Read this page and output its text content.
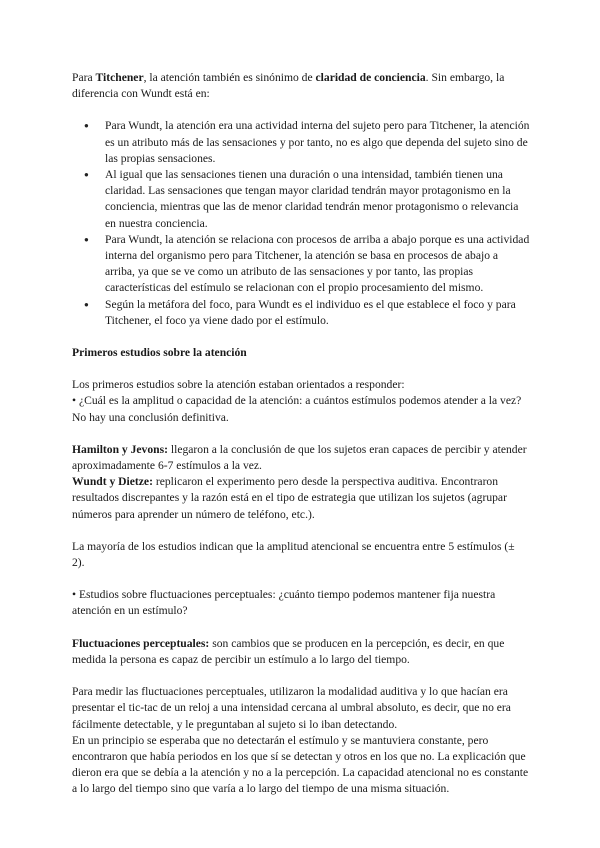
Para Titchener, la atención también es sinónimo de claridad de conciencia. Sin embargo, la diferencia con Wundt está en:

● Para Wundt, la atención era una actividad interna del sujeto pero para Titchener, la atención es un atributo más de las sensaciones y por tanto, no es algo que dependa del sujeto sino de las propias sensaciones.
● Al igual que las sensaciones tienen una duración o una intensidad, también tienen una claridad. Las sensaciones que tengan mayor claridad tendrán mayor protagonismo en la conciencia, mientras que las de menor claridad tendrán menor protagonismo o relevancia en nuestra conciencia.
● Para Wundt, la atención se relaciona con procesos de arriba a abajo porque es una actividad interna del organismo pero para Titchener, la atención se basa en procesos de abajo a arriba, ya que se ve como un atributo de las sensaciones y por tanto, las propias características del estímulo se relacionan con el propio procesamiento del mismo.
● Según la metáfora del foco, para Wundt es el individuo es el que establece el foco y para Titchener, el foco ya viene dado por el estímulo.
Primeros estudios sobre la atención

Los primeros estudios sobre la atención estaban orientados a responder:

• ¿Cuál es la amplitud o capacidad de la atención: a cuántos estímulos podemos atender a la vez? No hay una conclusión definitiva.

Hamilton y Jevons: llegaron a la conclusión de que los sujetos eran capaces de percibir y atender aproximadamente 6-7 estímulos a la vez.

Wundt y Dietze: replicaron el experimento pero desde la perspectiva auditiva. Encontraron resultados discrepantes y la razón está en el tipo de estrategia que utilizan los sujetos (agrupar números para aprender un número de teléfono, etc.).

La mayoría de los estudios indican que la amplitud atencional se encuentra entre 5 estímulos (± 2).

• Estudios sobre fluctuaciones perceptuales: ¿cuánto tiempo podemos mantener fija nuestra atención en un estímulo?

Fluctuaciones perceptuales: son cambios que se producen en la percepción, es decir, en que medida la persona es capaz de percibir un estímulo a lo largo del tiempo.

Para medir las fluctuaciones perceptuales, utilizaron la modalidad auditiva y lo que hacían era presentar el tic-tac de un reloj a una intensidad cercana al umbral absoluto, es decir, que no era fácilmente detectable, y le preguntaban al sujeto si lo iban detectando.

En un principio se esperaba que no detectarán el estímulo y se mantuviera constante, pero encontraron que había periodos en los que sí se detectan y otros en los que no. La explicación que dieron era que se debía a la atención y no a la percepción. La capacidad atencional no es constante a lo largo del tiempo sino que varía a lo largo del tiempo de una misma situación.
